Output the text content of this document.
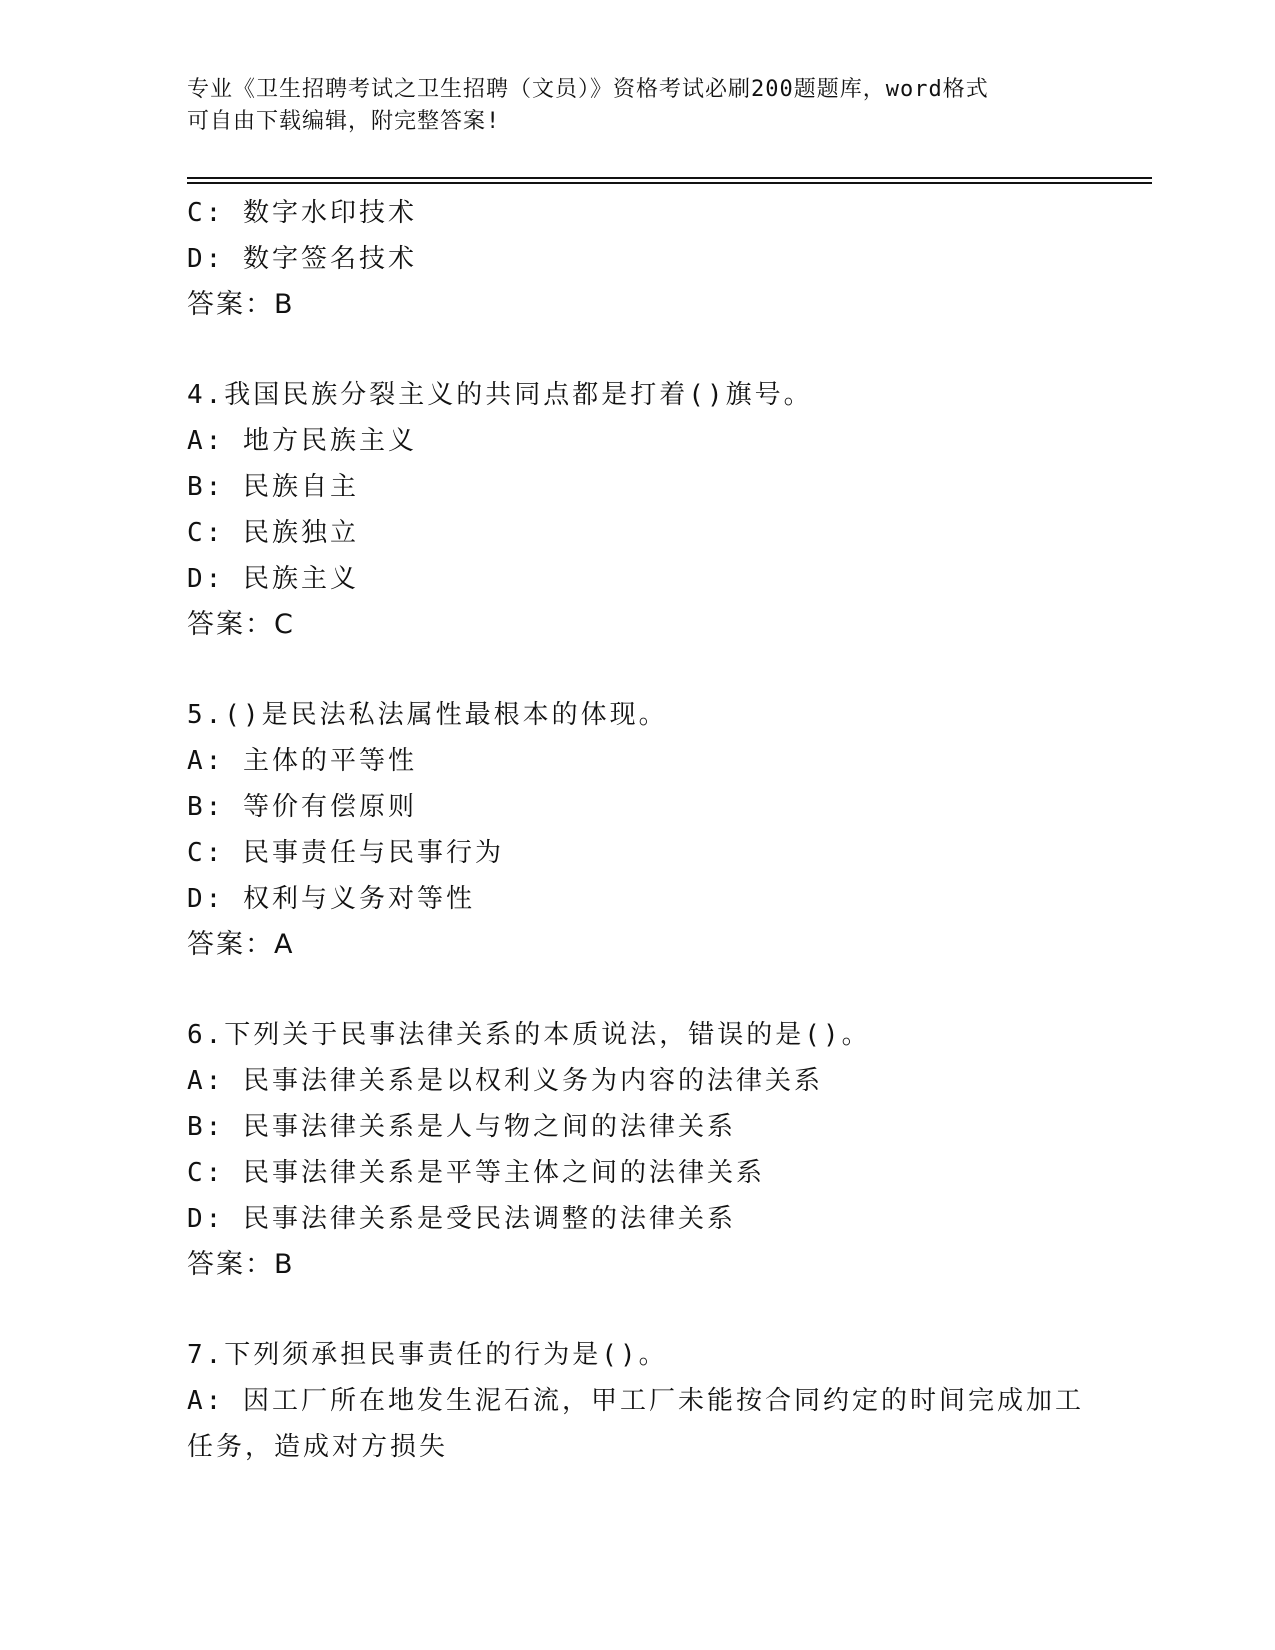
专业《卫生招聘考试之卫生招聘（文员）》资格考试必刷200题题库，word格式
可自由下载编辑，附完整答案!
C: 数字水印技术
D: 数字签名技术
答案：B
4.我国民族分裂主义的共同点都是打着()旗号。
A: 地方民族主义
B: 民族自主
C: 民族独立
D: 民族主义
答案：C
5.()是民法私法属性最根本的体现。
A: 主体的平等性
B: 等价有偿原则
C: 民事责任与民事行为
D: 权利与义务对等性
答案：A
6.下列关于民事法律关系的本质说法，错误的是()。
A: 民事法律关系是以权利义务为内容的法律关系
B: 民事法律关系是人与物之间的法律关系
C: 民事法律关系是平等主体之间的法律关系
D: 民事法律关系是受民法调整的法律关系
答案：B
7.下列须承担民事责任的行为是()。
A: 因工厂所在地发生泥石流，甲工厂未能按合同约定的时间完成加工任务，造成对方损失
